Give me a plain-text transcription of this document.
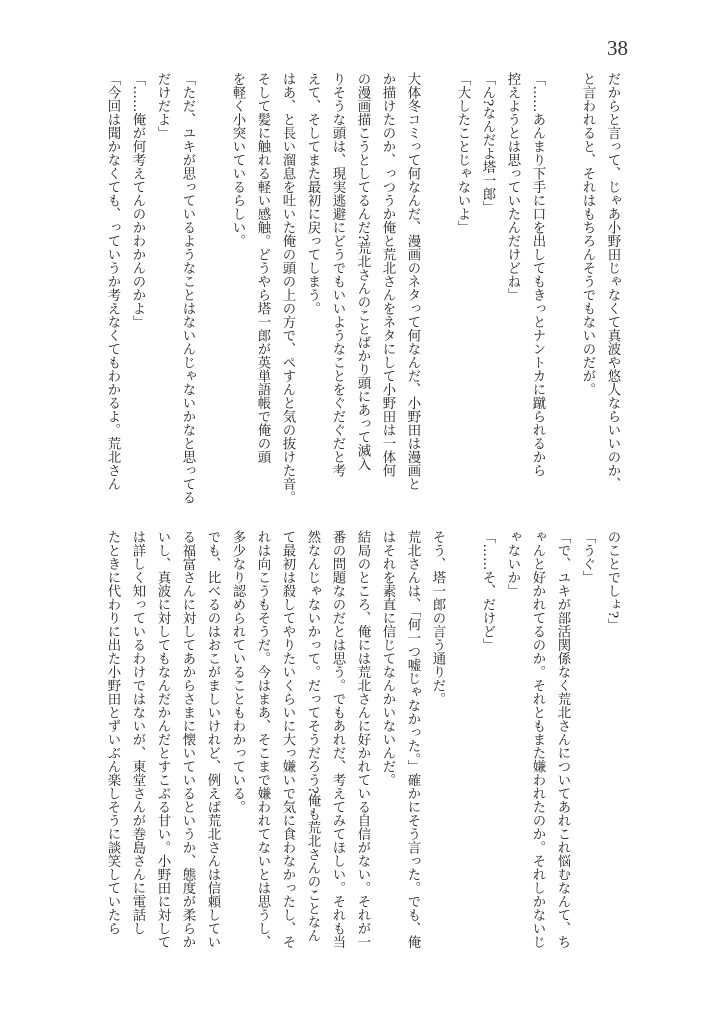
38
だからと言って、じゃあ小野田じゃなくて真波や悠人ならいいのか、
と言われると、それはもちろんそうでもないのだが。
「……あんまり下手に口を出してもきっとナントカに蹴られるから
控えようとは思っていたんだけどね」
「ん?なんだよ塔一郎」
「大したことじゃないよ」
大体冬コミって何なんだ、漫画のネタって何なんだ、小野田は漫画と
か描けたのか、っつうか俺と荒北さんをネタにして小野田は一体何
の漫画描こうとしてるんだ?荒北さんのことばかり頭にあって滅入
りそうな頭は、現実逃避にどうでもいいようなことをぐだぐだと考
えて、そしてまた最初に戻ってしまう。
はあ、と長い溜息を吐いた俺の頭の上の方で、ぺすんと気の抜けた音。
そして髪に触れる軽い感触。どうやら塔一郎が英単語帳で俺の頭
を軽く小突いているらしい。
「ただ、ユキが思っているようなことはないんじゃないかなと思ってる
だけだよ」
「……俺が何考えてんのかわかんのかよ」
「今回は聞かなくても、っていうか考えなくてもわかるよ。荒北さん
のことでしょ?」
「うぐ」
「で、ユキが部活関係なく荒北さんについてあれこれ悩むなんて、ち
ゃんと好かれてるのか。それともまた嫌われたのか。それしかないじ
ゃないか」
「……そ、だけど」
そう、塔一郎の言う通りだ。
荒北さんは、「何一つ嘘じゃなかった。」確かにそう言った。でも、俺
はそれを素直に信じてなんかいないんだ。
結局のところ、俺には荒北さんに好かれている自信がない。それが一
番の問題なのだとは思う。でもあれだ、考えてみてほしい。それも当
然なんじゃないかって。だってそうだろう?俺も荒北さんのことなん
て最初は殺してやりたいくらいに大っ嫌いで気に食わなかったし、そ
れは向こうもそうだ。今はまあ、そこまで嫌われてないとは思うし、
多少なり認められていることもわかっている。
でも、比べるのはおこがましいけれど、例えば荒北さんは信頼してい
る福富さんに対してあからさまに懐いているというか、態度が柔らか
いし、真波に対してもなんだかんだとすこぶる甘い。小野田に対して
は詳しく知っているわけではないが、東堂さんが巻島さんに電話し
たときに代わりに出た小野田とずいぶん楽しそうに談笑していたら
